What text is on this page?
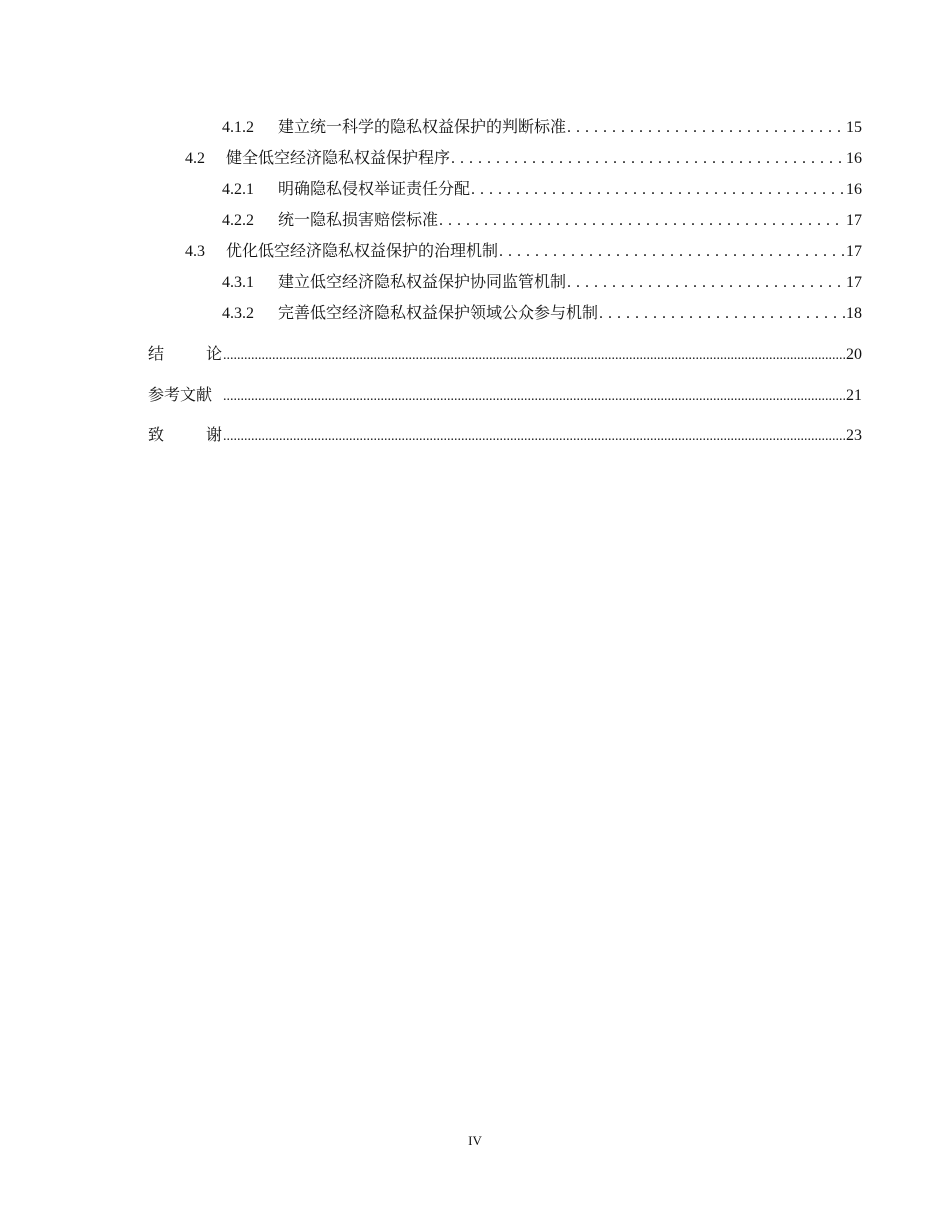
4.1.2	建立统一科学的隐私权益保护的判断标准 . . .	15
4.2	健全低空经济隐私权益保护程序 . . .	16
4.2.1	明确隐私侵权举证责任分配 . . .	16
4.2.2	统一隐私损害赔偿标准 . . .	17
4.3	优化低空经济隐私权益保护的治理机制 . . .	17
4.3.1	建立低空经济隐私权益保护协同监管机制 . . .	17
4.3.2	完善低空经济隐私权益保护领域公众参与机制 . . .	18
结	论 .....	20
参考文献 .....	21
致	谢 .....	23
IV
